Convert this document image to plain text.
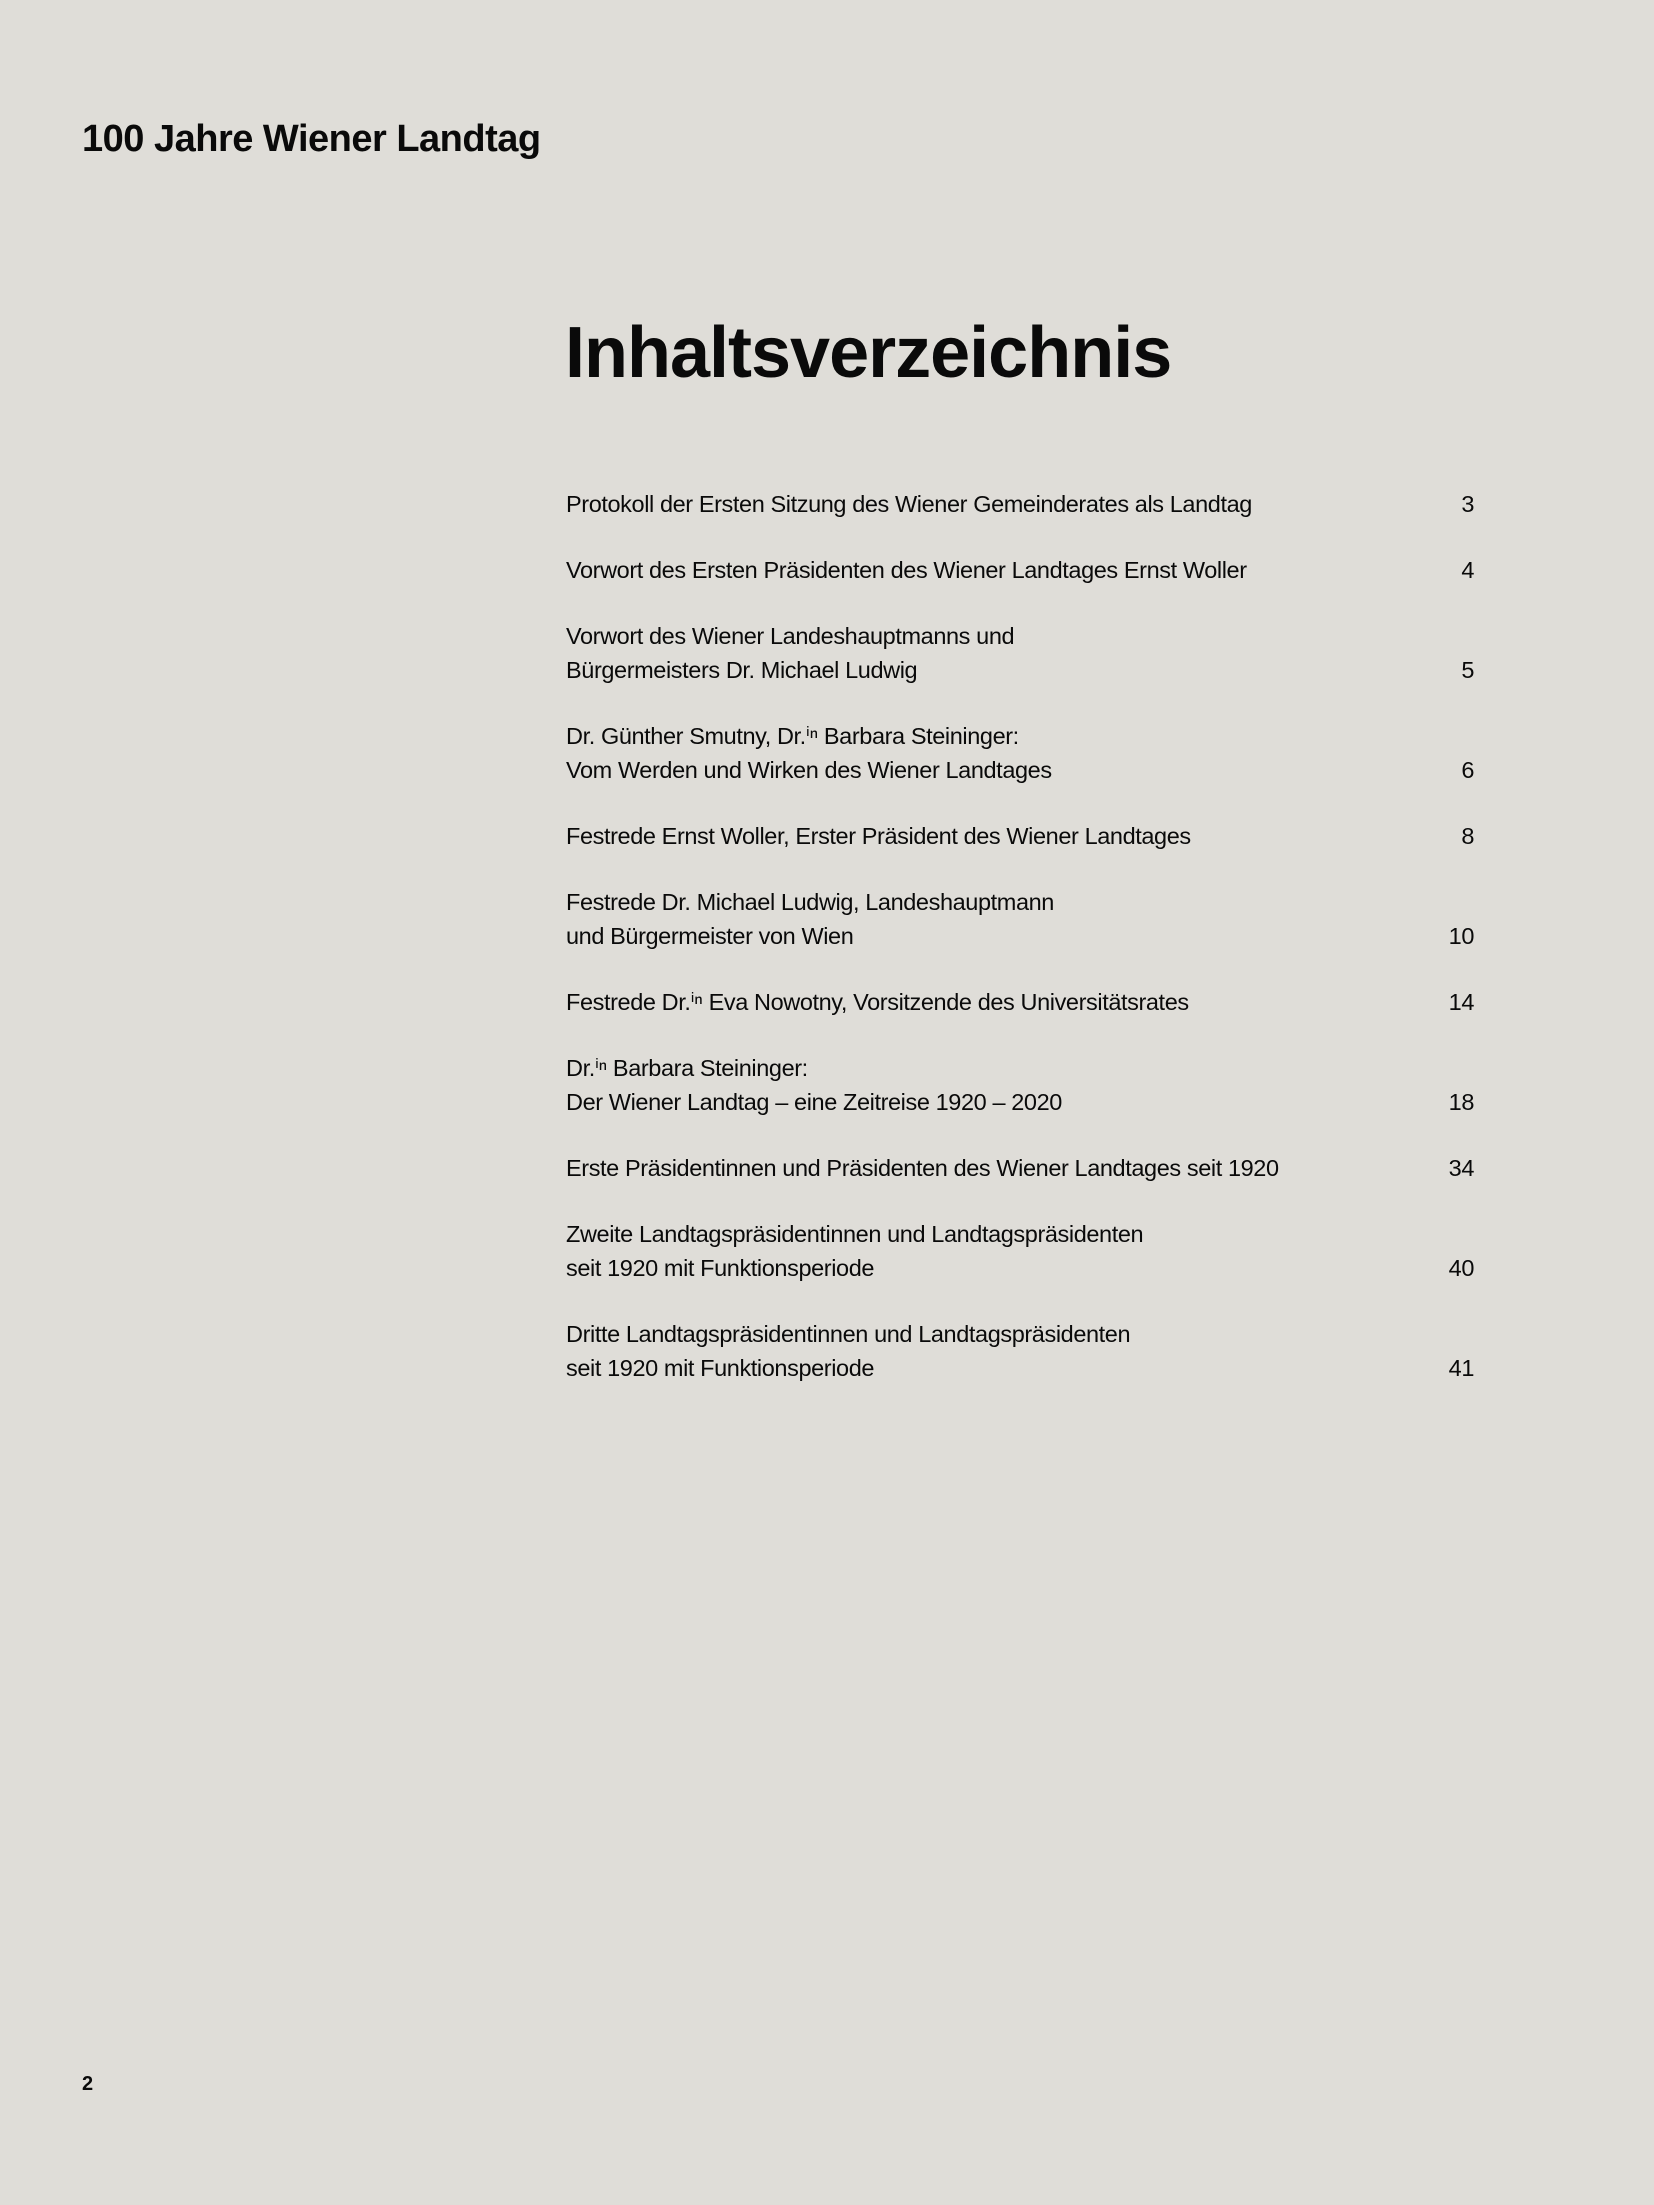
100 Jahre Wiener Landtag
Inhaltsverzeichnis
Protokoll der Ersten Sitzung des Wiener Gemeinderates als Landtag	3
Vorwort des Ersten Präsidenten des Wiener Landtages Ernst Woller	4
Vorwort des Wiener Landeshauptmanns und
Bürgermeisters Dr. Michael Ludwig	5
Dr. Günther Smutny, Dr.ⁱⁿ Barbara Steininger:
Vom Werden und Wirken des Wiener Landtages	6
Festrede Ernst Woller, Erster Präsident des Wiener Landtages	8
Festrede Dr. Michael Ludwig, Landeshauptmann
und Bürgermeister von Wien	10
Festrede Dr.ⁱⁿ Eva Nowotny, Vorsitzende des Universitätsrates	14
Dr.ⁱⁿ Barbara Steininger:
Der Wiener Landtag – eine Zeitreise 1920 – 2020	18
Erste Präsidentinnen und Präsidenten des Wiener Landtages seit 1920	34
Zweite Landtagspräsidentinnen und Landtagspräsidenten
seit 1920 mit Funktionsperiode	40
Dritte Landtagspräsidentinnen und Landtagspräsidenten
seit 1920 mit Funktionsperiode	41
2
